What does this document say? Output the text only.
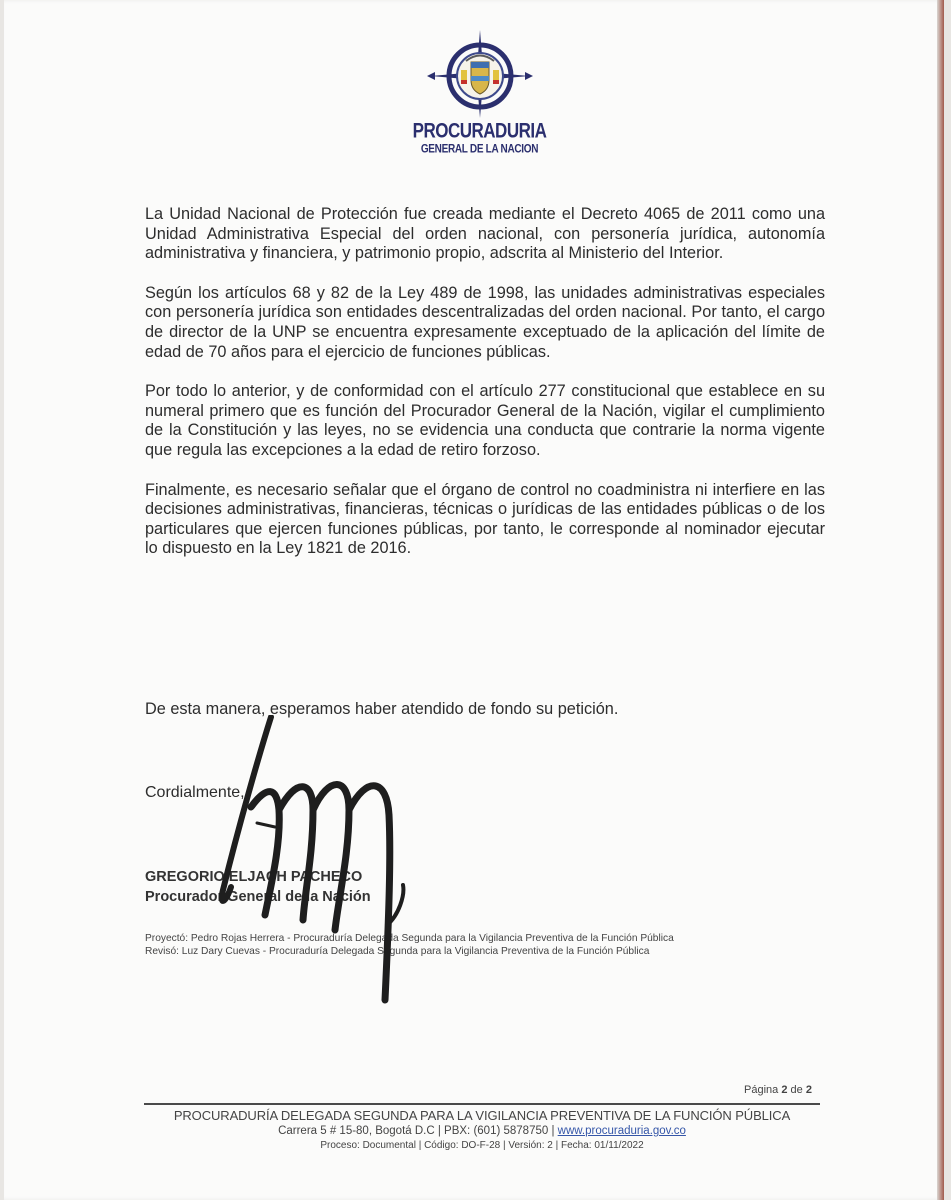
PROCURADURIA
GENERAL DE LA NACION

La Unidad Nacional de Protección fue creada mediante el Decreto 4065 de 2011 como una Unidad Administrativa Especial del orden nacional, con personería jurídica, autonomía administrativa y financiera, y patrimonio propio, adscrita al Ministerio del Interior.

Según los artículos 68 y 82 de la Ley 489 de 1998, las unidades administrativas especiales con personería jurídica son entidades descentralizadas del orden nacional. Por tanto, el cargo de director de la UNP se encuentra expresamente exceptuado de la aplicación del límite de edad de 70 años para el ejercicio de funciones públicas.

Por todo lo anterior, y de conformidad con el artículo 277 constitucional que establece en su numeral primero que es función del Procurador General de la Nación, vigilar el cumplimiento de la Constitución y las leyes, no se evidencia una conducta que contrarie la norma vigente que regula las excepciones a la edad de retiro forzoso.

Finalmente, es necesario señalar que el órgano de control no coadministra ni interfiere en las decisiones administrativas, financieras, técnicas o jurídicas de las entidades públicas o de los particulares que ejercen funciones públicas, por tanto, le corresponde al nominador ejecutar lo dispuesto en la Ley 1821 de 2016.

De esta manera, esperamos haber atendido de fondo su petición.
Cordialmente,
GREGORIO ELJACH PACHECO
Procurador General de la Nación
Proyectó: Pedro Rojas Herrera - Procuraduría Delegada Segunda para la Vigilancia Preventiva de la Función Pública
Revisó: Luz Dary Cuevas - Procuraduría Delegada Segunda para la Vigilancia Preventiva de la Función Pública
Página 2 de 2
PROCURADURÍA DELEGADA SEGUNDA PARA LA VIGILANCIA PREVENTIVA DE LA FUNCIÓN PÚBLICA
Carrera 5 # 15-80, Bogotá D.C | PBX: (601) 5878750 | www.procuraduria.gov.co
Proceso: Documental | Código: DO-F-28 | Versión: 2 | Fecha: 01/11/2022
